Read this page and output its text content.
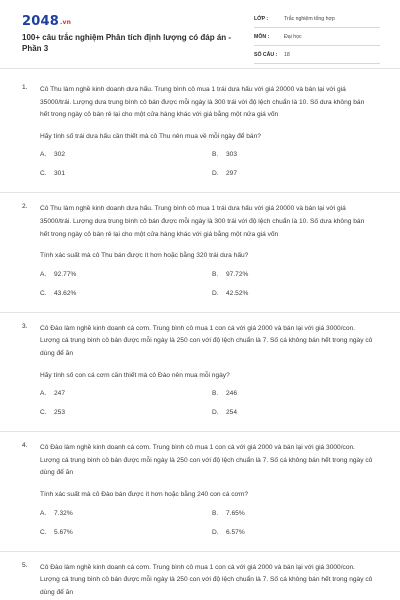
2048.vn
100+ câu trắc nghiệm Phân tích định lượng có đáp án - Phần 3
LỚP :	Trắc nghiệm tổng hợp
MÔN :	Đại học
SỐ CÂU : 18
1. Cô Thu làm nghề kinh doanh dưa hấu. Trung bình cô mua 1 trái dưa hấu với giá 20000 và bán lại với giá 35000/trái. Lượng dưa trung bình cô bán được mỗi ngày là 300 trái với độ lệch chuẩn là 10. Số dưa không bán hết trong ngày cô bán rẻ lại cho một cửa hàng khác với giá bằng một nửa giá vốn
Hãy tính số trái dưa hấu cần thiết mà cô Thu nên mua về mỗi ngày để bán?
A. 302	B. 303
C. 301	D. 297
2. Cô Thu làm nghề kinh doanh dưa hấu. Trung bình cô mua 1 trái dưa hấu với giá 20000 và bán lại với giá 35000/trái. Lượng dưa trung bình cô bán được mỗi ngày là 300 trái với độ lệch chuẩn là 10. Số dưa không bán hết trong ngày cô bán rẻ lại cho một cửa hàng khác với giá bằng một nửa giá vốn
Tính xác suất mà cô Thu bán được ít hơn hoặc bằng 320 trái dưa hấu?
A. 92.77%	B. 97.72%
C. 43.62%	D. 42.52%
3. Cô Đào làm nghề kinh doanh cá cơm. Trung bình cô mua 1 con cá với giá 2000 và bán lại với giá 3000/con. Lượng cá trung bình cô bán được mỗi ngày là 250 con với độ lệch chuẩn là 7. Số cá không bán hết trong ngày cô dùng để ăn
Hãy tính số con cá cơm cần thiết mà cô Đào nên mua mỗi ngày?
A. 247	B. 246
C. 253	D. 254
4. Cô Đào làm nghề kinh doanh cá cơm. Trung bình cô mua 1 con cá với giá 2000 và bán lại với giá 3000/con. Lượng cá trung bình cô bán được mỗi ngày là 250 con với độ lệch chuẩn là 7. Số cá không bán hết trong ngày cô dùng để ăn
Tính xác suất mà cô Đào bán được ít hơn hoặc bằng 240 con cá cơm?
A. 7.32%	B. 7.65%
C. 5.67%	D. 6.57%
5. Cô Đào làm nghề kinh doanh cá cơm. Trung bình cô mua 1 con cá với giá 2000 và bán lại với giá 3000/con. Lượng cá trung bình cô bán được mỗi ngày là 250 con với độ lệch chuẩn là 7. Số cá không bán hết trong ngày cô dùng để ăn
